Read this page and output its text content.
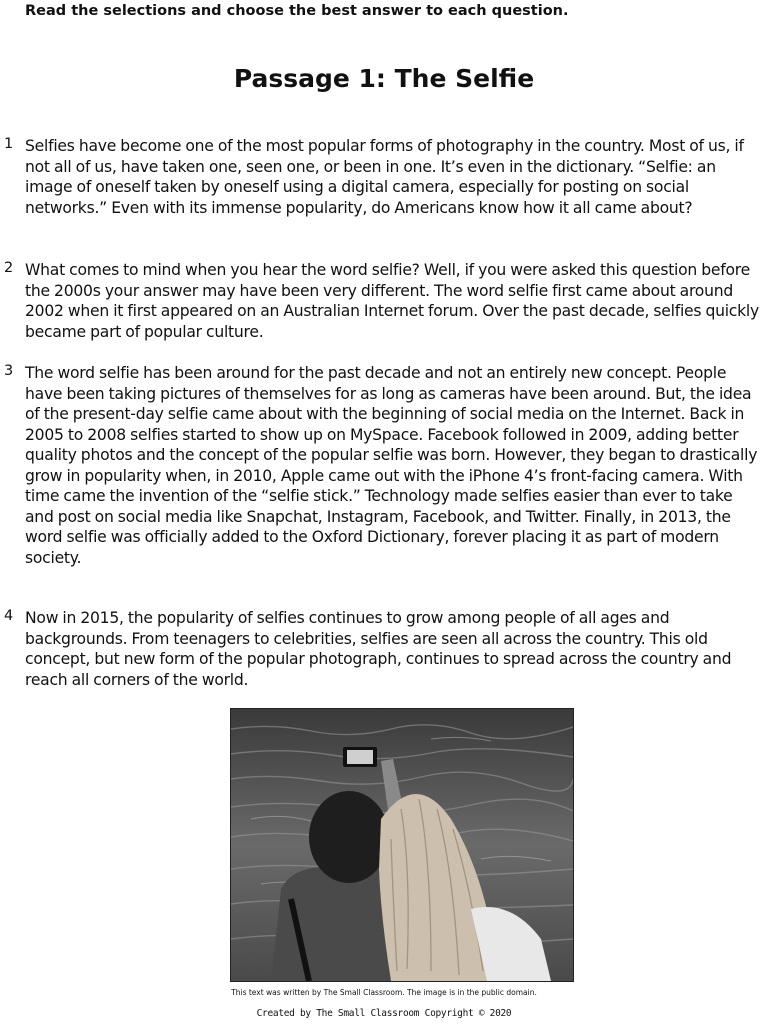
Read the selections and choose the best answer to each question.
Passage 1: The Selfie
1 Selfies have become one of the most popular forms of photography in the country. Most of us, if not all of us, have taken one, seen one, or been in one. It’s even in the dictionary. “Selfie: an image of oneself taken by oneself using a digital camera, especially for posting on social networks.” Even with its immense popularity, do Americans know how it all came about?

2 What comes to mind when you hear the word selfie? Well, if you were asked this question before the 2000s your answer may have been very different. The word selfie first came about around 2002 when it first appeared on an Australian Internet forum. Over the past decade, selfies quickly became part of popular culture.

3 The word selfie has been around for the past decade and not an entirely new concept. People have been taking pictures of themselves for as long as cameras have been around. But, the idea of the present-day selfie came about with the beginning of social media on the Internet. Back in 2005 to 2008 selfies started to show up on MySpace. Facebook followed in 2009, adding better quality photos and the concept of the popular selfie was born. However, they began to drastically grow in popularity when, in 2010, Apple came out with the iPhone 4’s front-facing camera. With time came the invention of the “selfie stick.” Technology made selfies easier than ever to take and post on social media like Snapchat, Instagram, Facebook, and Twitter. Finally, in 2013, the word selfie was officially added to the Oxford Dictionary, forever placing it as part of modern society.

4 Now in 2015, the popularity of selfies continues to grow among people of all ages and backgrounds. From teenagers to celebrities, selfies are seen all across the country. This old concept, but new form of the popular photograph, continues to spread across the country and reach all corners of the world.

This text was written by The Small Classroom. The image is in the public domain.
Created by The Small Classroom Copyright © 2020
